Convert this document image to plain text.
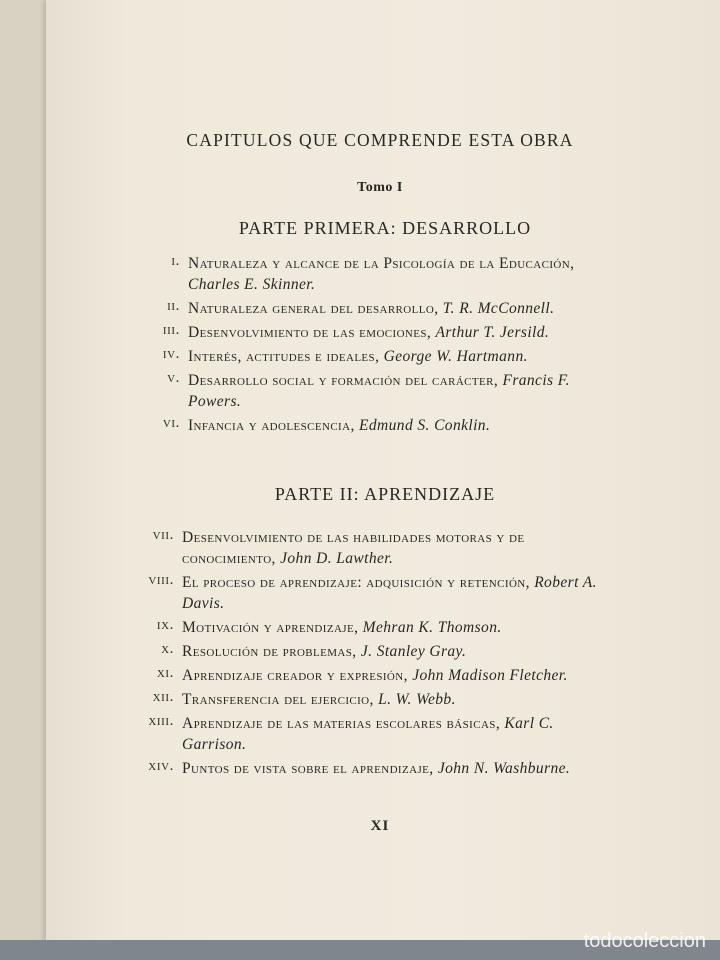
CAPITULOS QUE COMPRENDE ESTA OBRA
Tomo I
PARTE PRIMERA: DESARROLLO
i. Naturaleza y alcance de la Psicología de la Educación, Charles E. Skinner.
ii. Naturaleza general del desarrollo, T. R. McConnell.
iii. Desenvolvimiento de las emociones, Arthur T. Jersild.
iv. Interés, actitudes e ideales, George W. Hartmann.
v. Desarrollo social y formación del carácter, Francis F. Powers.
vi. Infancia y adolescencia, Edmund S. Conklin.
PARTE II: APRENDIZAJE
vii. Desenvolvimiento de las habilidades motoras y de conocimiento, John D. Lawther.
viii. El proceso de aprendizaje: adquisición y retención, Robert A. Davis.
ix. Motivación y aprendizaje, Mehran K. Thomson.
x. Resolución de problemas, J. Stanley Gray.
xi. Aprendizaje creador y expresión, John Madison Fletcher.
xii. Transferencia del ejercicio, L. W. Webb.
xiii. Aprendizaje de las materias escolares básicas, Karl C. Garrison.
xiv. Puntos de vista sobre el aprendizaje, John N. Washburne.
XI
todocoleccion
